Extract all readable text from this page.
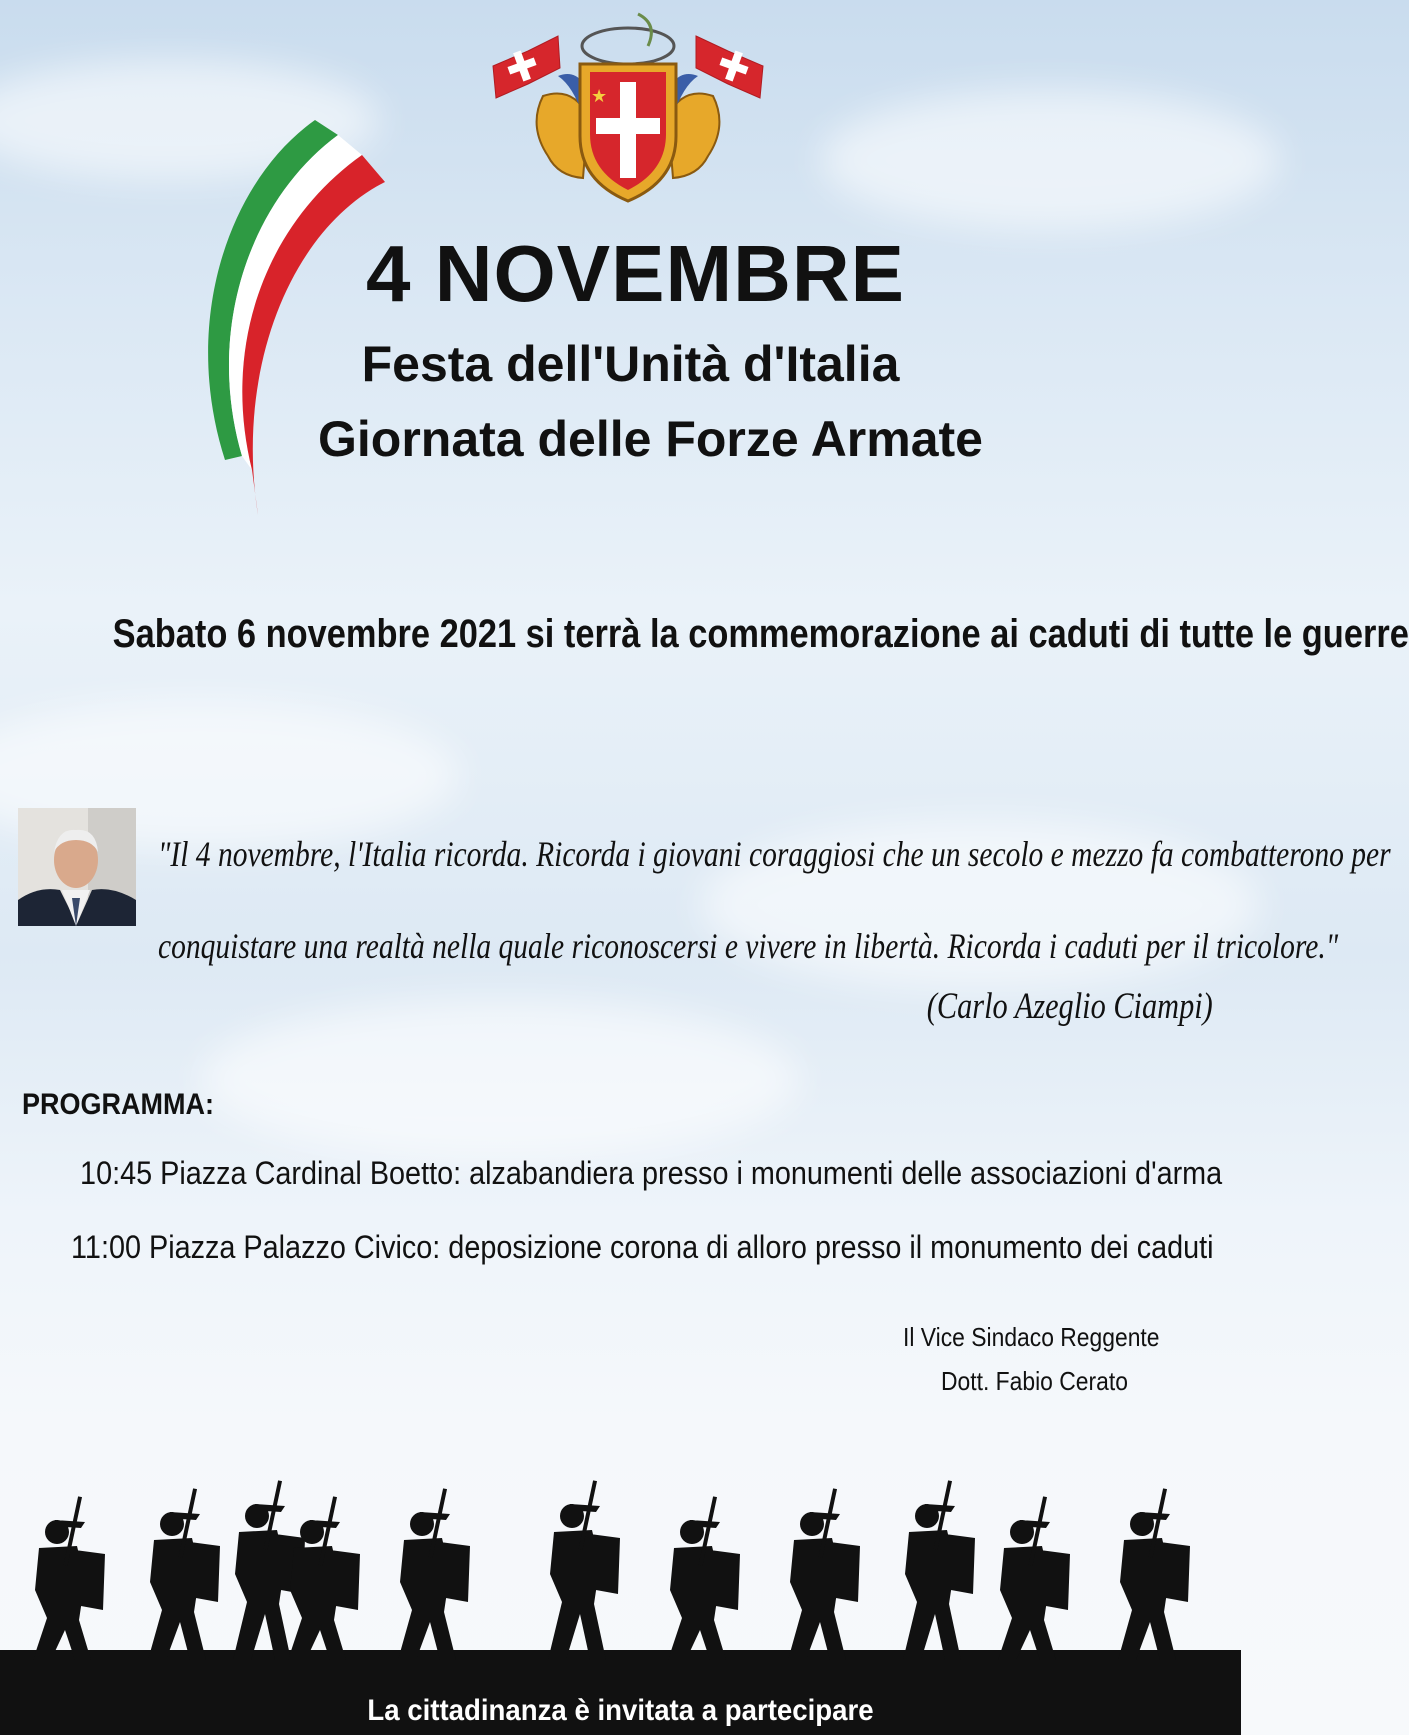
★
4 NOVEMBRE
Festa dell'Unità d'Italia
Giornata delle Forze Armate
Sabato 6 novembre 2021 si terrà la commemorazione ai caduti di tutte le guerre
"Il 4 novembre, l'Italia ricorda. Ricorda i giovani coraggiosi che un secolo e mezzo fa combatterono per
conquistare una realtà nella quale riconoscersi e vivere in libertà. Ricorda i caduti per il tricolore."
(Carlo Azeglio Ciampi)
PROGRAMMA:
10:45 Piazza Cardinal Boetto: alzabandiera presso i monumenti delle associazioni d'arma
11:00 Piazza Palazzo Civico: deposizione corona di alloro presso il monumento dei caduti
Il Vice Sindaco Reggente
Dott. Fabio Cerato
La cittadinanza è invitata a partecipare
